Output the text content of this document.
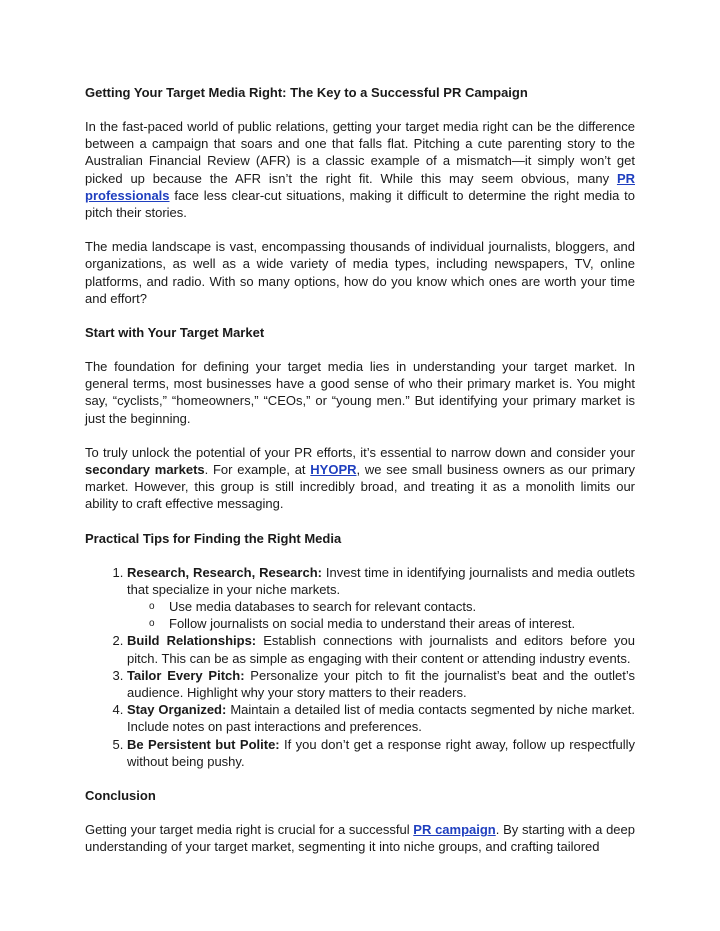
Getting Your Target Media Right: The Key to a Successful PR Campaign

In the fast-paced world of public relations, getting your target media right can be the difference between a campaign that soars and one that falls flat. Pitching a cute parenting story to the Australian Financial Review (AFR) is a classic example of a mismatch—it simply won’t get picked up because the AFR isn’t the right fit. While this may seem obvious, many PR professionals face less clear-cut situations, making it difficult to determine the right media to pitch their stories.

The media landscape is vast, encompassing thousands of individual journalists, bloggers, and organizations, as well as a wide variety of media types, including newspapers, TV, online platforms, and radio. With so many options, how do you know which ones are worth your time and effort?

Start with Your Target Market

The foundation for defining your target media lies in understanding your target market. In general terms, most businesses have a good sense of who their primary market is. You might say, “cyclists,” “homeowners,” “CEOs,” or “young men.” But identifying your primary market is just the beginning.

To truly unlock the potential of your PR efforts, it’s essential to narrow down and consider your secondary markets. For example, at HYOPR, we see small business owners as our primary market. However, this group is still incredibly broad, and treating it as a monolith limits our ability to craft effective messaging.

Practical Tips for Finding the Right Media
1. Research, Research, Research: Invest time in identifying journalists and media outlets that specialize in your niche markets.
o Use media databases to search for relevant contacts.
o Follow journalists on social media to understand their areas of interest.
2. Build Relationships: Establish connections with journalists and editors before you pitch. This can be as simple as engaging with their content or attending industry events.
3. Tailor Every Pitch: Personalize your pitch to fit the journalist’s beat and the outlet’s audience. Highlight why your story matters to their readers.
4. Stay Organized: Maintain a detailed list of media contacts segmented by niche market. Include notes on past interactions and preferences.
5. Be Persistent but Polite: If you don’t get a response right away, follow up respectfully without being pushy.
Conclusion

Getting your target media right is crucial for a successful PR campaign. By starting with a deep understanding of your target market, segmenting it into niche groups, and crafting tailored
